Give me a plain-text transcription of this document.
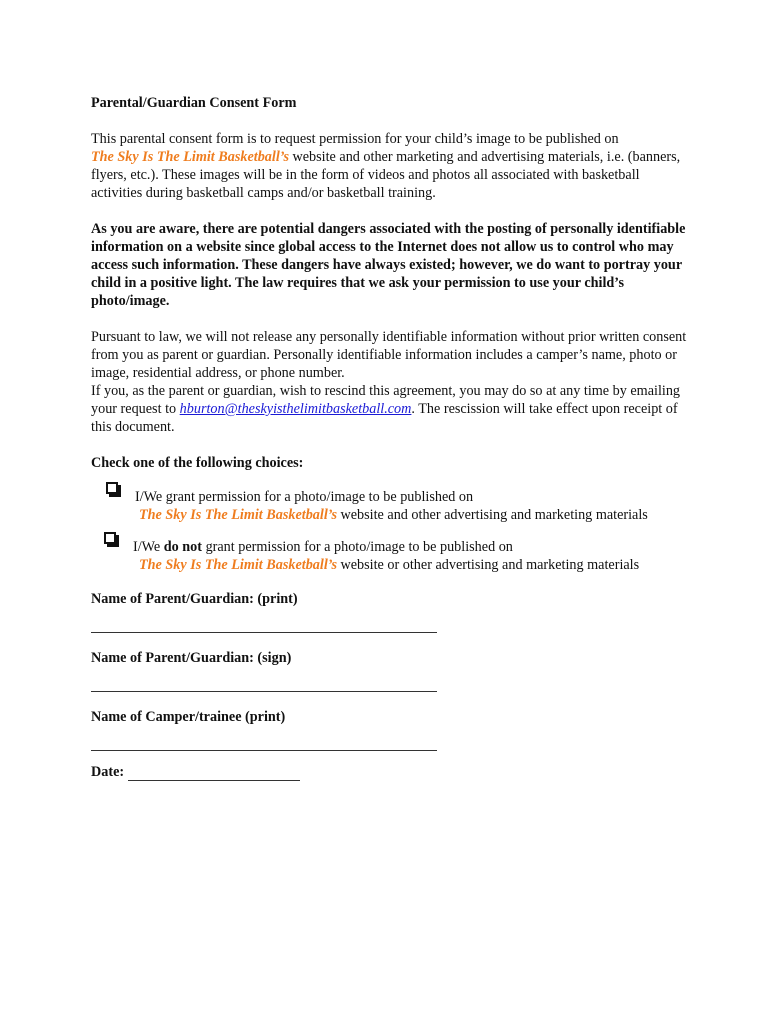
Parental/Guardian Consent Form

This parental consent form is to request permission for your child’s image to be published on
The Sky Is The Limit Basketball’s website and other marketing and advertising materials, i.e. (banners, flyers, etc.). These images will be in the form of videos and photos all associated with basketball activities during basketball camps and/or basketball training.

As you are aware, there are potential dangers associated with the posting of personally identifiable information on a website since global access to the Internet does not allow us to control who may access such information. These dangers have always existed; however, we do want to portray your child in a positive light. The law requires that we ask your permission to use your child’s photo/image.

Pursuant to law, we will not release any personally identifiable information without prior written consent from you as parent or guardian. Personally identifiable information includes a camper’s name, photo or image, residential address, or phone number.

If you, as the parent or guardian, wish to rescind this agreement, you may do so at any time by emailing your request to hburton@theskyisthelimitbasketball.com. The rescission will take effect upon receipt of this document.

Check one of the following choices:

I/We grant permission for a photo/image to be published on
The Sky Is The Limit Basketball’s website and other advertising and marketing materials
I/We do not grant permission for a photo/image to be published on
The Sky Is The Limit Basketball’s website or other advertising and marketing materials

Name of Parent/Guardian: (print)

Name of Parent/Guardian: (sign)

Name of Camper/trainee (print)

Date:
